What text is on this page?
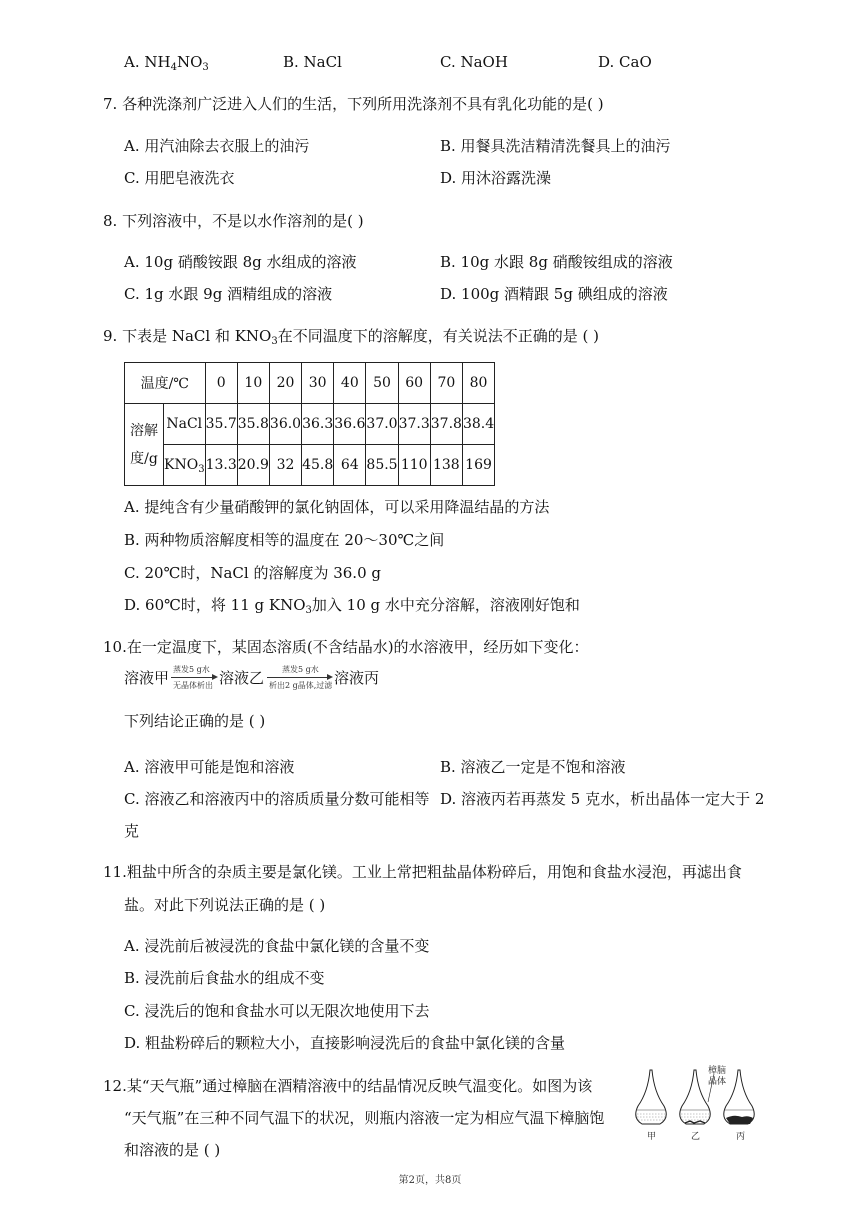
A. $NH_4NO_3$	B. NaCl	C. NaOH	D. CaO
7. 各种洗涤剂广泛进入人们的生活，下列所用洗涤剂不具有乳化功能的是( )
A. 用汽油除去衣服上的油污	B. 用餐具洗洁精清洗餐具上的油污
C. 用肥皂液洗衣	D. 用沐浴露洗澡
8. 下列溶液中，不是以水作溶剂的是( )
A. 10g 硝酸铵跟 8g 水组成的溶液	B. 10g 水跟 8g 硝酸铵组成的溶液
C. 1g 水跟 9g 酒精组成的溶液	D. 100g 酒精跟 5g 碘组成的溶液
9. 下表是 NaCl 和 $KNO_3$在不同温度下的溶解度，有关说法不正确的是 ( )
温度/℃		0	10	20	30	40	50	60	70	80

溶解
度/g	NaCl	35.7	35.8	36.0	36.3	36.6	37.0	37.3	37.8	38.4
	$KNO_3$	13.3	20.9	32	45.8	64	85.5	110	138	169
A. 提纯含有少量硝酸钾的氯化钠固体，可以采用降温结晶的方法
B. 两种物质溶解度相等的温度在 20～30℃之间
C. 20℃时，NaCl 的溶解度为 36.0 g
D. 60℃时，将 11 g $KNO_3$加入 10 g 水中充分溶解，溶液刚好饱和
10.在一定温度下，某固态溶质(不含结晶水)的水溶液甲，经历如下变化：
溶液甲 蒸发5 g水
无晶体析出 溶液乙 蒸发5 g水
析出2 g晶体,过滤 溶液丙
下列结论正确的是 ( )
A. 溶液甲可能是饱和溶液	B. 溶液乙一定是不饱和溶液
C. 溶液乙和溶液丙中的溶质质量分数可能相等 D. 溶液丙若再蒸发 5 克水，析出晶体一定大于 2
克
11.粗盐中所含的杂质主要是氯化镁。工业上常把粗盐晶体粉碎后，用饱和食盐水浸泡，再滤出食
盐。对此下列说法正确的是 ( )
A. 浸洗前后被浸洗的食盐中氯化镁的含量不变
B. 浸洗前后食盐水的组成不变
C. 浸洗后的饱和食盐水可以无限次地使用下去
D. 粗盐粉碎后的颗粒大小，直接影响浸洗后的食盐中氯化镁的含量
12.某“天气瓶”通过樟脑在酒精溶液中的结晶情况反映气温变化。如图为该
“天气瓶”在三种不同气温下的状况，则瓶内溶液一定为相应气温下樟脑饱
和溶液的是 ( )
樟脑
晶体
甲	乙	丙
第2页，共8页
